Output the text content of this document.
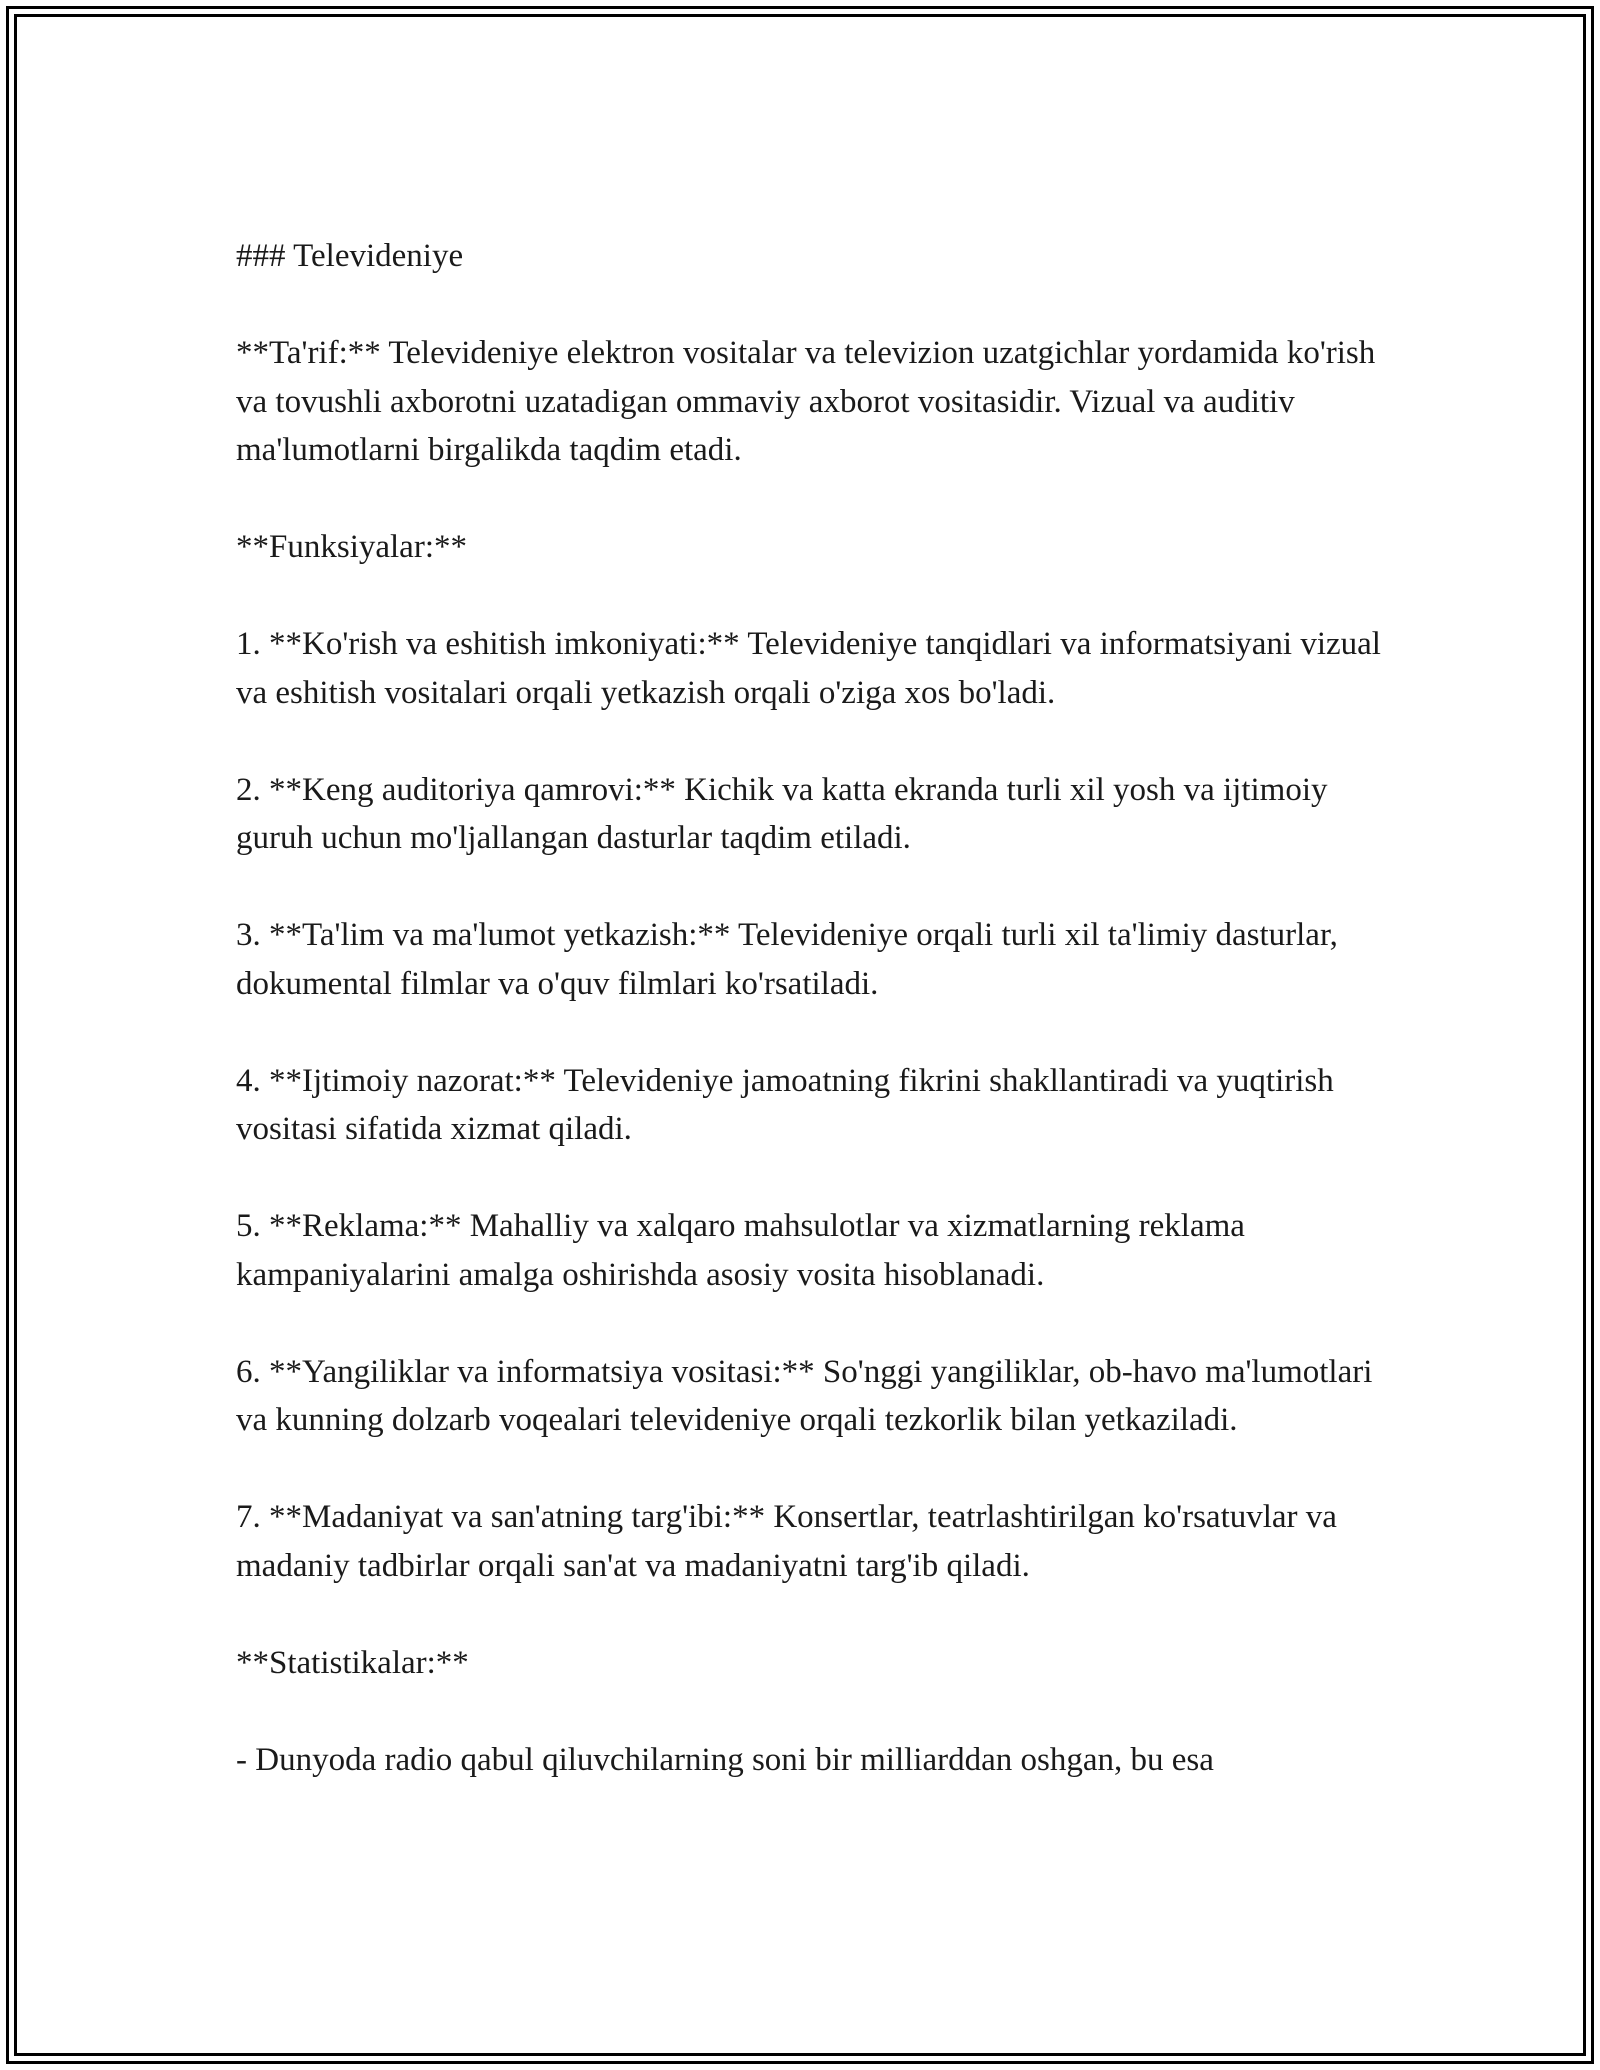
### Televideniye

**Ta'rif:** Televideniye elektron vositalar va televizion uzatgichlar yordamida ko'rish va tovushli axborotni uzatadigan ommaviy axborot vositasidir. Vizual va auditiv ma'lumotlarni birgalikda taqdim etadi.

**Funksiyalar:**

1. **Ko'rish va eshitish imkoniyati:** Televideniye tanqidlari va informatsiyani vizual va eshitish vositalari orqali yetkazish orqali o'ziga xos bo'ladi.

2. **Keng auditoriya qamrovi:** Kichik va katta ekranda turli xil yosh va ijtimoiy guruh uchun mo'ljallangan dasturlar taqdim etiladi.

3. **Ta'lim va ma'lumot yetkazish:** Televideniye orqali turli xil ta'limiy dasturlar, dokumental filmlar va o'quv filmlari ko'rsatiladi.

4. **Ijtimoiy nazorat:** Televideniye jamoatning fikrini shakllantiradi va yuqtirish vositasi sifatida xizmat qiladi.

5. **Reklama:** Mahalliy va xalqaro mahsulotlar va xizmatlarning reklama kampaniyalarini amalga oshirishda asosiy vosita hisoblanadi.

6. **Yangiliklar va informatsiya vositasi:** So'nggi yangiliklar, ob-havo ma'lumotlari va kunning dolzarb voqealari televideniye orqali tezkorlik bilan yetkaziladi.

7. **Madaniyat va san'atning targ'ibi:** Konsertlar, teatrlashtirilgan ko'rsatuvlar va madaniy tadbirlar orqali san'at va madaniyatni targ'ib qiladi.

**Statistikalar:**

- Dunyoda radio qabul qiluvchilarning soni bir milliarddan oshgan, bu esa
